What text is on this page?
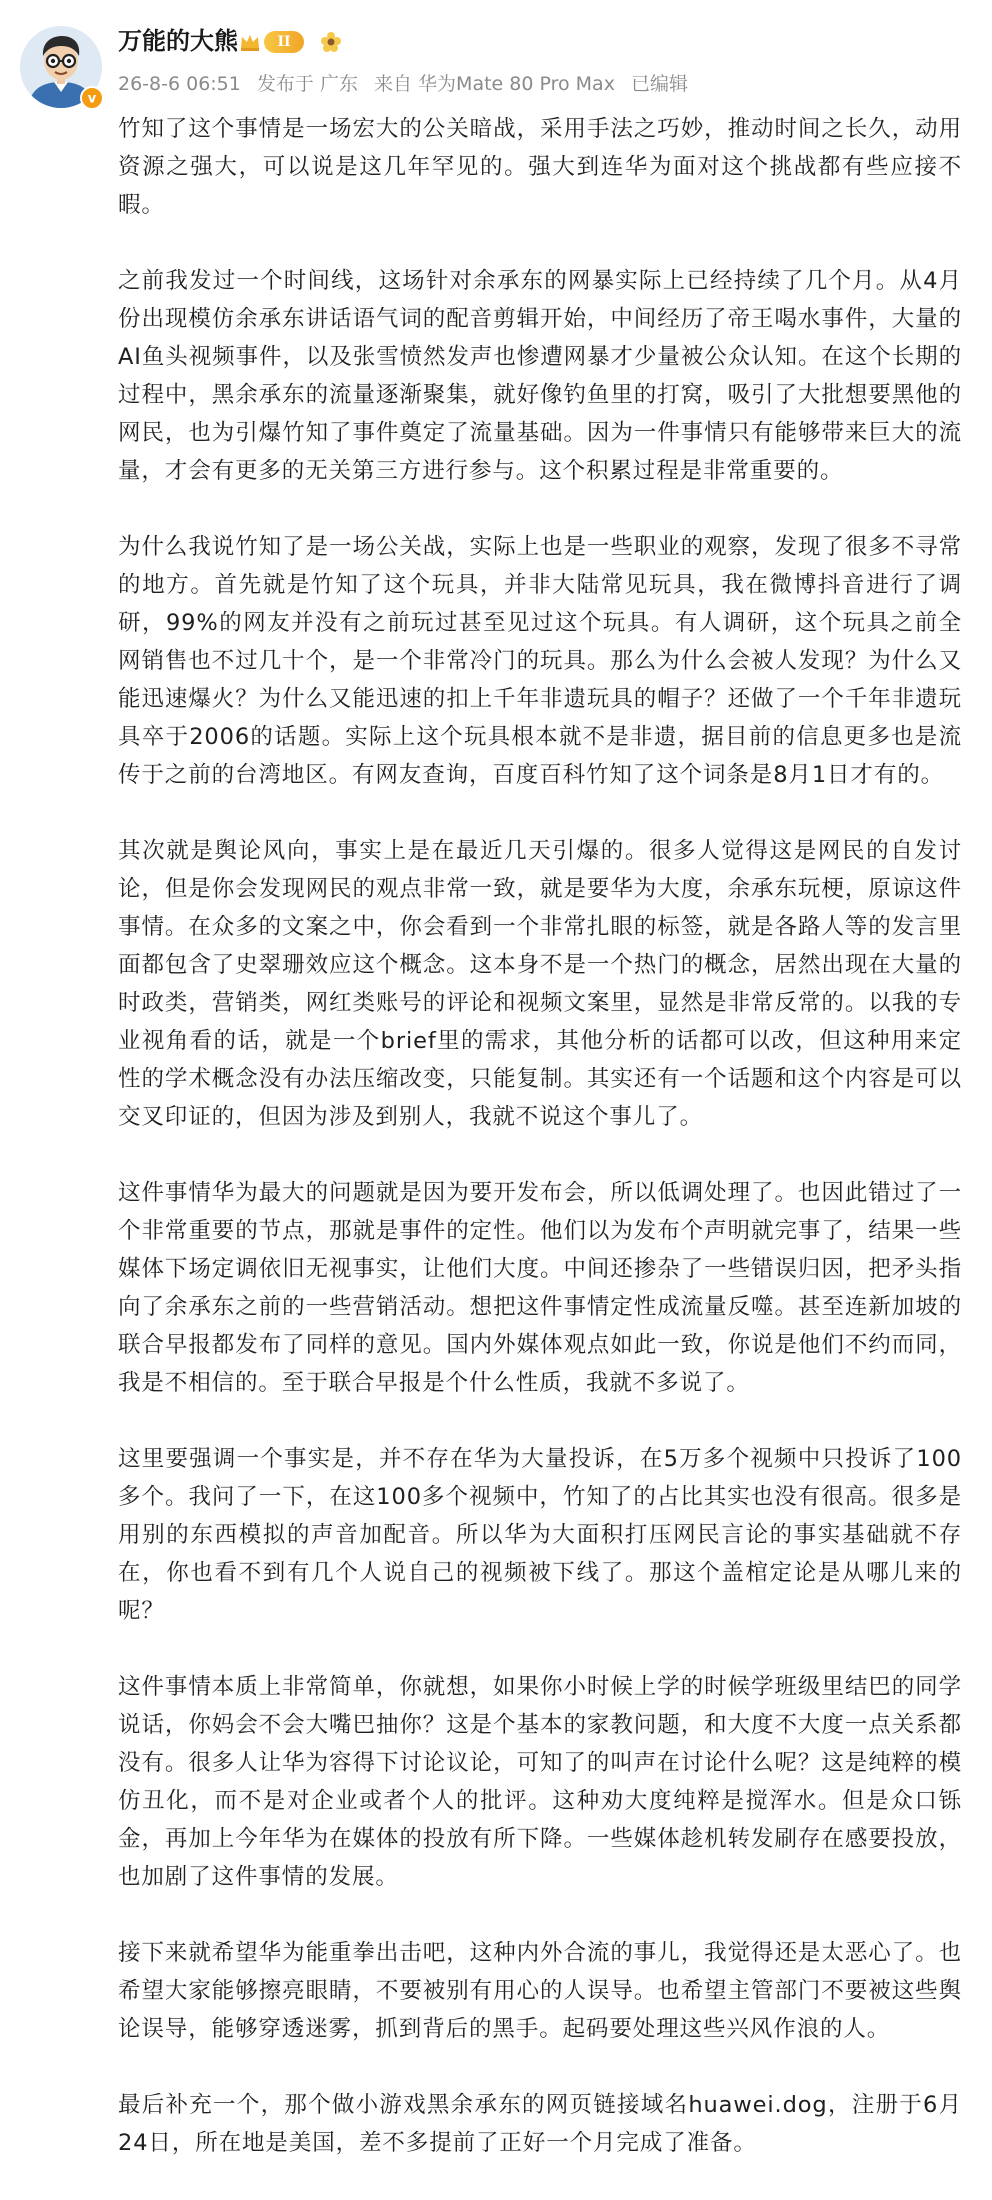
v
万能的大熊	II
26-8-6 06:51 发布于 广东 来自 华为Mate 80 Pro Max 已编辑

竹知了这个事情是一场宏大的公关暗战，采用手法之巧妙，推动时间之长久，动用资源之强大，可以说是这几年罕见的。强大到连华为面对这个挑战都有些应接不暇。

之前我发过一个时间线，这场针对余承东的网暴实际上已经持续了几个月。从4月份出现模仿余承东讲话语气词的配音剪辑开始，中间经历了帝王喝水事件，大量的AI鱼头视频事件，以及张雪愤然发声也惨遭网暴才少量被公众认知。在这个长期的过程中，黑余承东的流量逐渐聚集，就好像钓鱼里的打窝，吸引了大批想要黑他的网民，也为引爆竹知了事件奠定了流量基础。因为一件事情只有能够带来巨大的流量，才会有更多的无关第三方进行参与。这个积累过程是非常重要的。

为什么我说竹知了是一场公关战，实际上也是一些职业的观察，发现了很多不寻常的地方。首先就是竹知了这个玩具，并非大陆常见玩具，我在微博抖音进行了调研，99%的网友并没有之前玩过甚至见过这个玩具。有人调研，这个玩具之前全网销售也不过几十个，是一个非常冷门的玩具。那么为什么会被人发现？为什么又能迅速爆火？为什么又能迅速的扣上千年非遗玩具的帽子？还做了一个千年非遗玩具卒于2006的话题。实际上这个玩具根本就不是非遗，据目前的信息更多也是流传于之前的台湾地区。有网友查询，百度百科竹知了这个词条是8月1日才有的。

其次就是舆论风向，事实上是在最近几天引爆的。很多人觉得这是网民的自发讨论，但是你会发现网民的观点非常一致，就是要华为大度，余承东玩梗，原谅这件事情。在众多的文案之中，你会看到一个非常扎眼的标签，就是各路人等的发言里面都包含了史翠珊效应这个概念。这本身不是一个热门的概念，居然出现在大量的时政类，营销类，网红类账号的评论和视频文案里，显然是非常反常的。以我的专业视角看的话，就是一个brief里的需求，其他分析的话都可以改，但这种用来定性的学术概念没有办法压缩改变，只能复制。其实还有一个话题和这个内容是可以交叉印证的，但因为涉及到别人，我就不说这个事儿了。

这件事情华为最大的问题就是因为要开发布会，所以低调处理了。也因此错过了一个非常重要的节点，那就是事件的定性。他们以为发布个声明就完事了，结果一些媒体下场定调依旧无视事实，让他们大度。中间还掺杂了一些错误归因，把矛头指向了余承东之前的一些营销活动。想把这件事情定性成流量反噬。甚至连新加坡的联合早报都发布了同样的意见。国内外媒体观点如此一致，你说是他们不约而同，我是不相信的。至于联合早报是个什么性质，我就不多说了。

这里要强调一个事实是，并不存在华为大量投诉，在5万多个视频中只投诉了100多个。我问了一下，在这100多个视频中，竹知了的占比其实也没有很高。很多是用别的东西模拟的声音加配音。所以华为大面积打压网民言论的事实基础就不存在，你也看不到有几个人说自己的视频被下线了。那这个盖棺定论是从哪儿来的呢？

这件事情本质上非常简单，你就想，如果你小时候上学的时候学班级里结巴的同学说话，你妈会不会大嘴巴抽你？这是个基本的家教问题，和大度不大度一点关系都没有。很多人让华为容得下讨论议论，可知了的叫声在讨论什么呢？这是纯粹的模仿丑化，而不是对企业或者个人的批评。这种劝大度纯粹是搅浑水。但是众口铄金，再加上今年华为在媒体的投放有所下降。一些媒体趁机转发刷存在感要投放，也加剧了这件事情的发展。

接下来就希望华为能重拳出击吧，这种内外合流的事儿，我觉得还是太恶心了。也希望大家能够擦亮眼睛，不要被别有用心的人误导。也希望主管部门不要被这些舆论误导，能够穿透迷雾，抓到背后的黑手。起码要处理这些兴风作浪的人。

最后补充一个，那个做小游戏黑余承东的网页链接域名huawei.dog，注册于6月24日，所在地是美国，差不多提前了正好一个月完成了准备。
